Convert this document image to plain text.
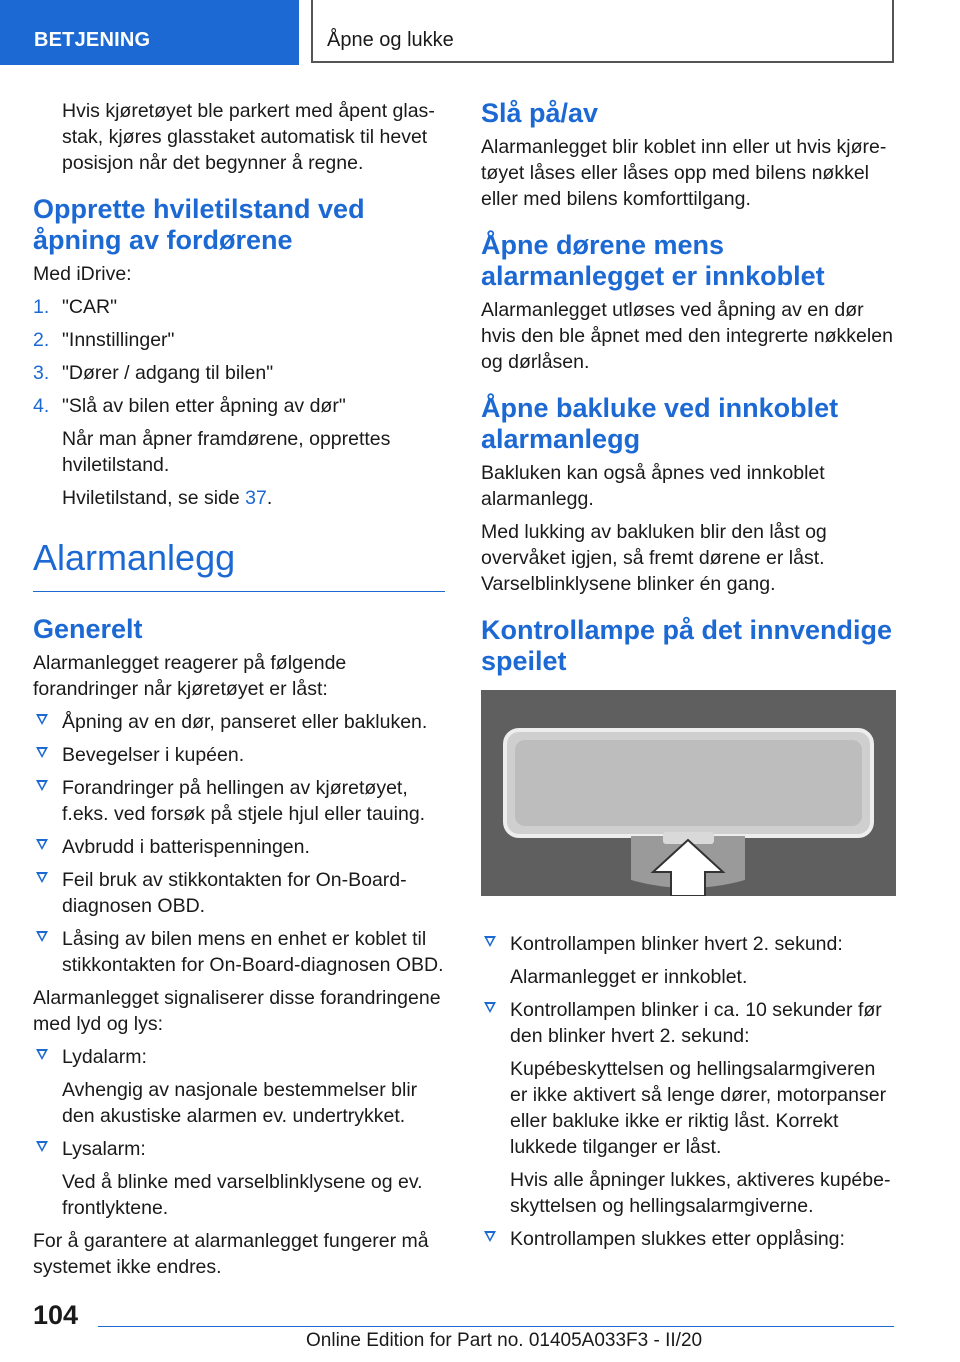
BETJENING	Åpne og lukke

Hvis kjøretøyet ble parkert med åpent glasstak, kjøres glasstaket automatisk til hevet posisjon når det begynner å regne.

Opprette hviletilstand ved åpning av fordørene

Med iDrive:

1. "CAR"
2. "Innstillinger"
3. "Dører / adgang til bilen"
4. "Slå av bilen etter åpning av dør"
Når man åpner framdørene, opprettes hviletilstand.
Hviletilstand, se side 37.
Alarmanlegg
Generelt

Alarmanlegget reagerer på følgende forandringer når kjøretøyet er låst:

Åpning av en dør, panseret eller bakluken.
Bevegelser i kupéen.
Forandringer på hellingen av kjøretøyet, f.eks. ved forsøk på stjele hjul eller tauing.
Avbrudd i batterispenningen.
Feil bruk av stikkontakten for On-Board-diagnosen OBD.
Låsing av bilen mens en enhet er koblet til stikkontakten for On-Board-diagnosen OBD.

Alarmanlegget signaliserer disse forandringene med lyd og lys:

Lydalarm:
Avhengig av nasjonale bestemmelser blir den akustiske alarmen ev. undertrykket.
Lysalarm:
Ved å blinke med varselblinklysene og ev. frontlyktene.

For å garantere at alarmanlegget fungerer må systemet ikke endres.

Slå på/av

Alarmanlegget blir koblet inn eller ut hvis kjøretøyet låses eller låses opp med bilens nøkkel eller med bilens komforttilgang.

Åpne dørene mens alarmanlegget er innkoblet

Alarmanlegget utløses ved åpning av en dør hvis den ble åpnet med den integrerte nøkkelen og dørlåsen.

Åpne bakluke ved innkoblet alarmanlegg

Bakluken kan også åpnes ved innkoblet alarmanlegg.

Med lukking av bakluken blir den låst og overvåket igjen, så fremt dørene er låst. Varselblinklysene blinker én gang.

Kontrollampe på det innvendige speilet
Kontrollampen blinker hvert 2. sekund:
Alarmanlegget er innkoblet.
Kontrollampen blinker i ca. 10 sekunder før den blinker hvert 2. sekund:
Kupébeskyttelsen og hellingsalarmgiveren er ikke aktivert så lenge dører, motorpanser eller bakluke ikke er riktig låst. Korrekt lukkede tilganger er låst.
Hvis alle åpninger lukkes, aktiveres kupébeskyttelsen og hellingsalarmgiverne.
Kontrollampen slukkes etter opplåsing:
104
Online Edition for Part no. 01405A033F3 - II/20
